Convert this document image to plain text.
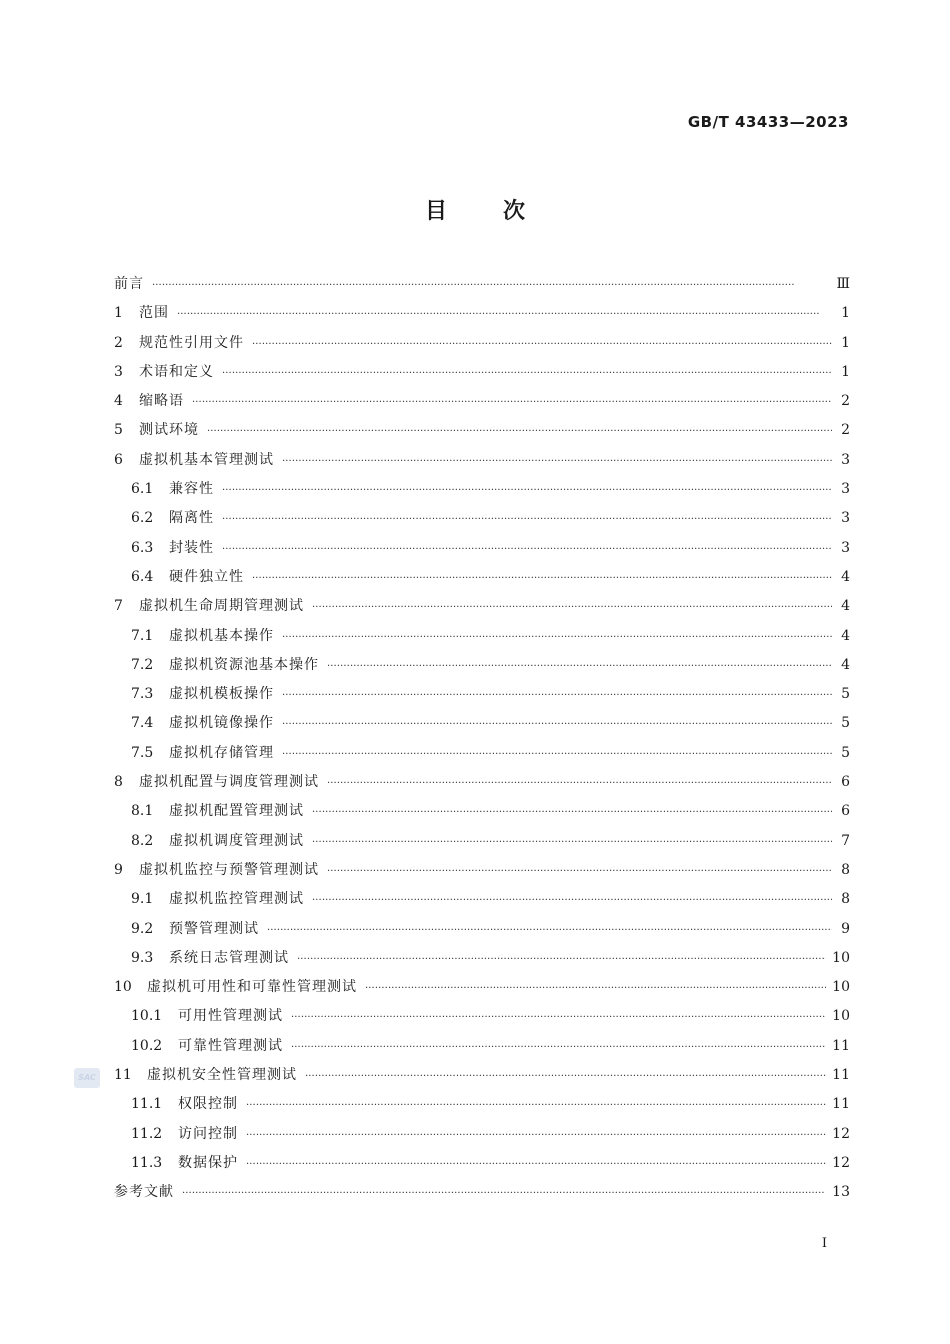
GB/T 43433—2023
目次
前言 ·····	Ⅲ
1	范围 ·····	1
2	规范性引用文件 ·····	1
3	术语和定义 ·····	1
4	缩略语 ·····	2
5	测试环境 ·····	2
6	虚拟机基本管理测试 ·····	3
6.1	兼容性 ·····	3
6.2	隔离性 ·····	3
6.3	封装性 ·····	3
6.4	硬件独立性 ·····	4
7	虚拟机生命周期管理测试 ·····	4
7.1	虚拟机基本操作 ·····	4
7.2	虚拟机资源池基本操作 ·····	4
7.3	虚拟机模板操作 ·····	5
7.4	虚拟机镜像操作 ·····	5
7.5	虚拟机存储管理 ·····	5
8	虚拟机配置与调度管理测试 ·····	6
8.1	虚拟机配置管理测试 ·····	6
8.2	虚拟机调度管理测试 ·····	7
9	虚拟机监控与预警管理测试 ·····	8
9.1	虚拟机监控管理测试 ·····	8
9.2	预警管理测试 ·····	9
9.3	系统日志管理测试 ·····	10
10	虚拟机可用性和可靠性管理测试 ·····	10
10.1	可用性管理测试 ·····	10
10.2	可靠性管理测试 ·····	11
11	虚拟机安全性管理测试 ·····	11
11.1	权限控制 ·····	11
11.2	访问控制 ·····	12
11.3	数据保护 ·····	12
参考文献 ·····	13
SAC
Ⅰ
